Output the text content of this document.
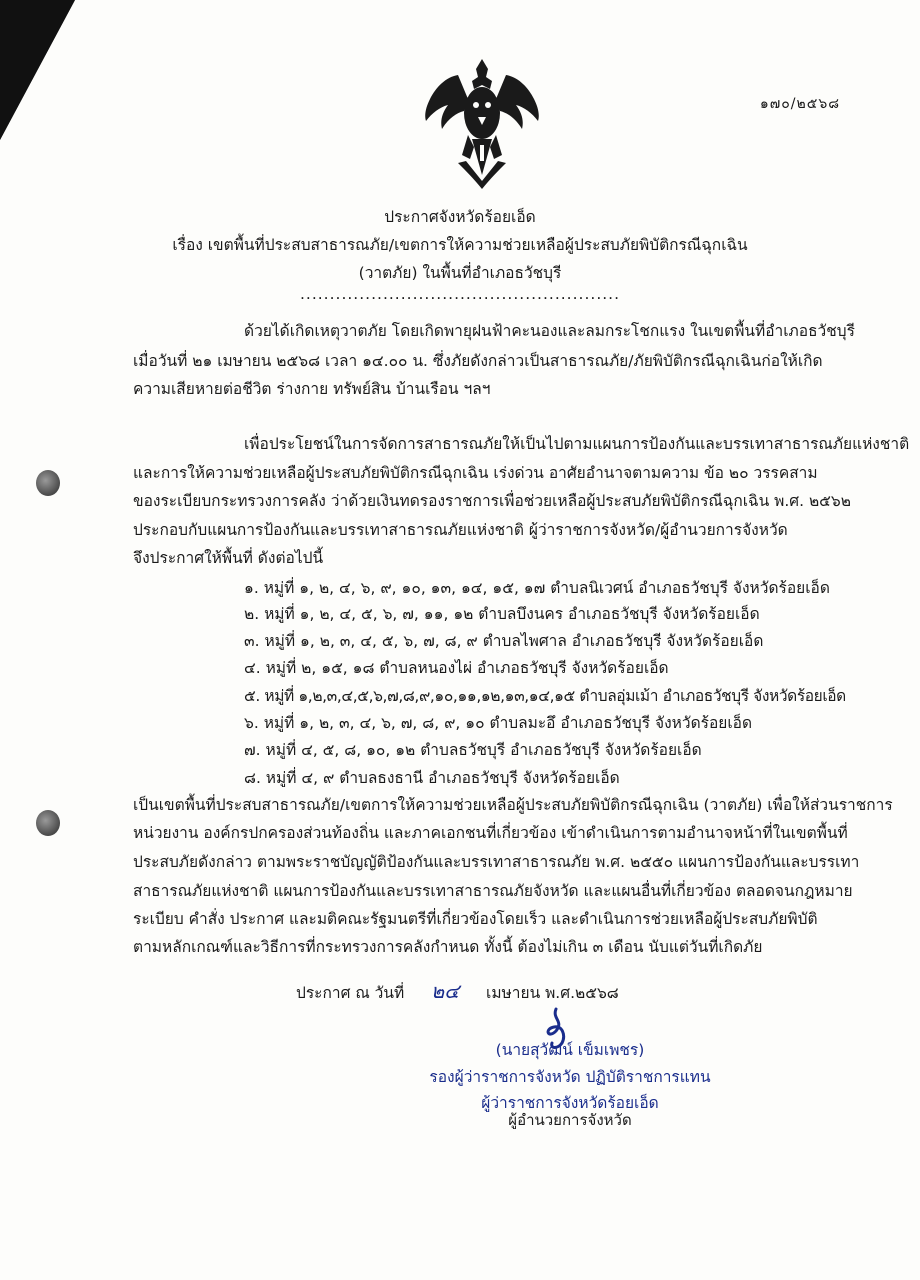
๑๗๐/๒๕๖๘
ประกาศจังหวัดร้อยเอ็ด
เรื่อง เขตพื้นที่ประสบสาธารณภัย/เขตการให้ความช่วยเหลือผู้ประสบภัยพิบัติกรณีฉุกเฉิน
(วาตภัย) ในพื้นที่อำเภอธวัชบุรี
......................................................
ด้วยได้เกิดเหตุวาตภัย โดยเกิดพายุฝนฟ้าคะนองและลมกระโชกแรง ในเขตพื้นที่อำเภอธวัชบุรี
เมื่อวันที่ ๒๑ เมษายน ๒๕๖๘ เวลา ๑๔.๐๐ น. ซึ่งภัยดังกล่าวเป็นสาธารณภัย/ภัยพิบัติกรณีฉุกเฉินก่อให้เกิด
ความเสียหายต่อชีวิต ร่างกาย ทรัพย์สิน บ้านเรือน ฯลฯ
เพื่อประโยชน์ในการจัดการสาธารณภัยให้เป็นไปตามแผนการป้องกันและบรรเทาสาธารณภัยแห่งชาติ
และการให้ความช่วยเหลือผู้ประสบภัยพิบัติกรณีฉุกเฉิน เร่งด่วน อาศัยอำนาจตามความ ข้อ ๒๐ วรรคสาม
ของระเบียบกระทรวงการคลัง ว่าด้วยเงินทดรองราชการเพื่อช่วยเหลือผู้ประสบภัยพิบัติกรณีฉุกเฉิน พ.ศ. ๒๕๖๒
ประกอบกับแผนการป้องกันและบรรเทาสาธารณภัยแห่งชาติ ผู้ว่าราชการจังหวัด/ผู้อำนวยการจังหวัด
จึงประกาศให้พื้นที่ ดังต่อไปนี้
๑. หมู่ที่ ๑, ๒, ๔, ๖, ๙, ๑๐, ๑๓, ๑๔, ๑๕, ๑๗ ตำบลนิเวศน์ อำเภอธวัชบุรี จังหวัดร้อยเอ็ด
๒. หมู่ที่ ๑, ๒, ๔, ๕, ๖, ๗, ๑๑, ๑๒ ตำบลบึงนคร อำเภอธวัชบุรี จังหวัดร้อยเอ็ด
๓. หมู่ที่ ๑, ๒, ๓, ๔, ๕, ๖, ๗, ๘, ๙ ตำบลไพศาล อำเภอธวัชบุรี จังหวัดร้อยเอ็ด
๔. หมู่ที่ ๒, ๑๕, ๑๘ ตำบลหนองไผ่ อำเภอธวัชบุรี จังหวัดร้อยเอ็ด
๕. หมู่ที่ ๑,๒,๓,๔,๕,๖,๗,๘,๙,๑๐,๑๑,๑๒,๑๓,๑๔,๑๕ ตำบลอุ่มเม้า อำเภอธวัชบุรี จังหวัดร้อยเอ็ด
๖. หมู่ที่ ๑, ๒, ๓, ๔, ๖, ๗, ๘, ๙, ๑๐ ตำบลมะอึ อำเภอธวัชบุรี จังหวัดร้อยเอ็ด
๗. หมู่ที่ ๔, ๕, ๘, ๑๐, ๑๒ ตำบลธวัชบุรี อำเภอธวัชบุรี จังหวัดร้อยเอ็ด
๘. หมู่ที่ ๔, ๙ ตำบลธงธานี อำเภอธวัชบุรี จังหวัดร้อยเอ็ด
เป็นเขตพื้นที่ประสบสาธารณภัย/เขตการให้ความช่วยเหลือผู้ประสบภัยพิบัติกรณีฉุกเฉิน (วาตภัย) เพื่อให้ส่วนราชการ
หน่วยงาน องค์กรปกครองส่วนท้องถิ่น และภาคเอกชนที่เกี่ยวข้อง เข้าดำเนินการตามอำนาจหน้าที่ในเขตพื้นที่
ประสบภัยดังกล่าว ตามพระราชบัญญัติป้องกันและบรรเทาสาธารณภัย พ.ศ. ๒๕๕๐ แผนการป้องกันและบรรเทา
สาธารณภัยแห่งชาติ แผนการป้องกันและบรรเทาสาธารณภัยจังหวัด และแผนอื่นที่เกี่ยวข้อง ตลอดจนกฎหมาย
ระเบียบ คำสั่ง ประกาศ และมติคณะรัฐมนตรีที่เกี่ยวข้องโดยเร็ว และดำเนินการช่วยเหลือผู้ประสบภัยพิบัติ
ตามหลักเกณฑ์และวิธีการที่กระทรวงการคลังกำหนด ทั้งนี้ ต้องไม่เกิน ๓ เดือน นับแต่วันที่เกิดภัย
ประกาศ ณ วันที่ ๒๔ เมษายน พ.ศ.๒๕๖๘
(นายสุวัฒน์ เข็มเพชร)
รองผู้ว่าราชการจังหวัด ปฏิบัติราชการแทน
ผู้ว่าราชการจังหวัดร้อยเอ็ด
ผู้อำนวยการจังหวัด
